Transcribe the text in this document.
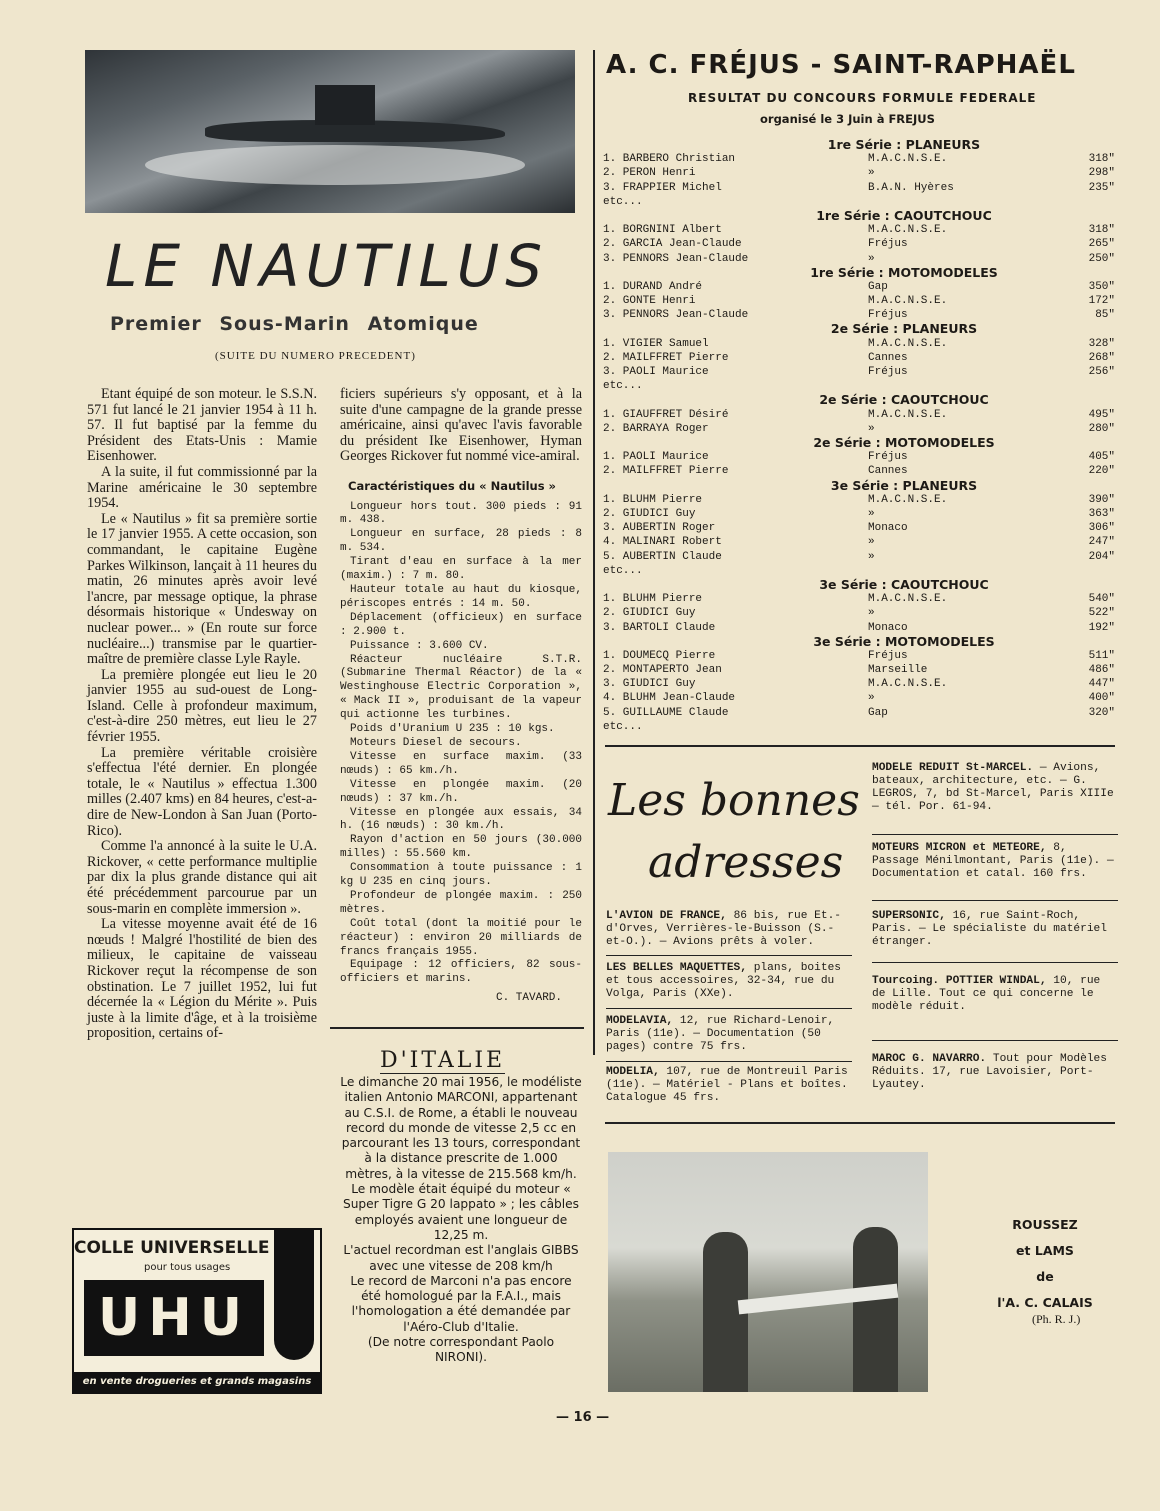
LE NAUTILUS
Premier Sous-Marin Atomique
(SUITE DU NUMERO PRECEDENT)

Etant équipé de son moteur. le S.S.N. 571 fut lancé le 21 janvier 1954 à 11 h. 57. Il fut baptisé par la femme du Président des Etats-Unis : Mamie Eisenhower.

A la suite, il fut commissionné par la Marine américaine le 30 septembre 1954.

Le « Nautilus » fit sa première sortie le 17 janvier 1955. A cette occasion, son commandant, le capitaine Eugène Parkes Wilkinson, lançait à 11 heures du matin, 26 minutes après avoir levé l'ancre, par message optique, la phrase désormais historique « Undesway on nuclear power... » (En route sur force nucléaire...) transmise par le quartier-maître de première classe Lyle Rayle.

La première plongée eut lieu le 20 janvier 1955 au sud-ouest de Long-Island. Celle à profondeur maximum, c'est-à-dire 250 mètres, eut lieu le 27 février 1955.

La première véritable croisière s'effectua l'été dernier. En plongée totale, le « Nautilus » effectua 1.300 milles (2.407 kms) en 84 heures, c'est-a-dire de New-London à San Juan (Porto-Rico).

Comme l'a annoncé à la suite le U.A. Rickover, « cette performance multiplie par dix la plus grande distance qui ait été précédemment parcourue par un sous-marin en complète immersion ».

La vitesse moyenne avait été de 16 nœuds ! Malgré l'hostilité de bien des milieux, le capitaine de vaisseau Rickover reçut la récompense de son obstination. Le 7 juillet 1952, lui fut décernée la « Légion du Mérite ». Puis juste à la limite d'âge, et à la troisième proposition, certains of-

ficiers supérieurs s'y opposant, et à la suite d'une campagne de la grande presse américaine, ainsi qu'avec l'avis favorable du président Ike Eisenhower, Hyman Georges Rickover fut nommé vice-amiral.

Caractéristiques du « Nautilus »
Longueur hors tout. 300 pieds : 91 m. 438.
Longueur en surface, 28 pieds : 8 m. 534.
Tirant d'eau en surface à la mer (maxim.) : 7 m. 80.
Hauteur totale au haut du kiosque, périscopes entrés : 14 m. 50.
Déplacement (officieux) en surface : 2.900 t.
Puissance : 3.600 CV.
Réacteur nucléaire S.T.R. (Submarine Thermal Réactor) de la « Westinghouse Electric Corporation », « Mack II », produisant de la vapeur qui actionne les turbines.
Poids d'Uranium U 235 : 10 kgs.
Moteurs Diesel de secours.
Vitesse en surface maxim. (33 nœuds) : 65 km./h.
Vitesse en plongée maxim. (20 nœuds) : 37 km./h.
Vitesse en plongée aux essais, 34 h. (16 nœuds) : 30 km./h.
Rayon d'action en 50 jours (30.000 milles) : 55.560 km.
Consommation à toute puissance : 1 kg U 235 en cinq jours.
Profondeur de plongée maxim. : 250 mètres.
Coût total (dont la moitié pour le réacteur) : environ 20 milliards de francs français 1955.
Equipage : 12 officiers, 82 sous-officiers et marins.
C. TAVARD.
D'ITALIE
Le dimanche 20 mai 1956, le modéliste italien Antonio MARCONI, appartenant au C.S.I. de Rome, a établi le nouveau record du monde de vitesse 2,5 cc en parcourant les 13 tours, correspondant à la distance prescrite de 1.000 mètres, à la vitesse de 215.568 km/h.
Le modèle était équipé du moteur « Super Tigre G 20 lappato » ; les câbles employés avaient une longueur de 12,25 m.
L'actuel recordman est l'anglais GIBBS avec une vitesse de 208 km/h
Le record de Marconi n'a pas encore été homologué par la F.A.I., mais l'homologation a été demandée par l'Aéro-Club d'Italie.
(De notre correspondant Paolo NIRONI).
COLLE UNIVERSELLE
pour tous usages
UHU
en vente drogueries et grands magasins
A. C. FRÉJUS - SAINT-RAPHAËL
RESULTAT DU CONCOURS FORMULE FEDERALE
organisé le 3 Juin à FREJUS
1re Série : PLANEURS
1. BARBERO Christian	M.A.C.N.S.E.	318"
2. PERON Henri	»	298"
3. FRAPPIER Michel	B.A.N. Hyères	235"
etc...
1re Série : CAOUTCHOUC
1. BORGNINI Albert	M.A.C.N.S.E.	318"
2. GARCIA Jean-Claude	Fréjus	265"
3. PENNORS Jean-Claude	»	250"
1re Série : MOTOMODELES
1. DURAND André	Gap	350"
2. GONTE Henri	M.A.C.N.S.E.	172"
3. PENNORS Jean-Claude	Fréjus	85"
2e Série : PLANEURS
1. VIGIER Samuel	M.A.C.N.S.E.	328"
2. MAILFFRET Pierre	Cannes	268"
3. PAOLI Maurice	Fréjus	256"
etc...
2e Série : CAOUTCHOUC
1. GIAUFFRET Désiré	M.A.C.N.S.E.	495"
2. BARRAYA Roger	»	280"
2e Série : MOTOMODELES
1. PAOLI Maurice	Fréjus	405"
2. MAILFFRET Pierre	Cannes	220"
3e Série : PLANEURS
1. BLUHM Pierre	M.A.C.N.S.E.	390"
2. GIUDICI Guy	»	363"
3. AUBERTIN Roger	Monaco	306"
4. MALINARI Robert	»	247"
5. AUBERTIN Claude	»	204"
etc...
3e Série : CAOUTCHOUC
1. BLUHM Pierre	M.A.C.N.S.E.	540"
2. GIUDICI Guy	»	522"
3. BARTOLI Claude	Monaco	192"
3e Série : MOTOMODELES
1. DOUMECQ Pierre	Fréjus	511"
2. MONTAPERTO Jean	Marseille	486"
3. GIUDICI Guy	M.A.C.N.S.E.	447"
4. BLUHM Jean-Claude	»	400"
5. GUILLAUME Claude	Gap	320"
etc...
Les bonnes
adresses
L'AVION DE FRANCE, 86 bis, rue Et.-d'Orves, Verrières-le-Buisson (S.-et-O.). — Avions prêts à voler.
LES BELLES MAQUETTES, plans, boites et tous accessoires, 32-34, rue du Volga, Paris (XXe).
MODELAVIA, 12, rue Richard-Lenoir, Paris (11e). — Documentation (50 pages) contre 75 frs.
MODELIA, 107, rue de Montreuil Paris (11e). — Matériel - Plans et boîtes. Catalogue 45 frs.
MODELE REDUIT St-MARCEL. — Avions, bateaux, architecture, etc. — G. LEGROS, 7, bd St-Marcel, Paris XIIIe — tél. Por. 61-94.
MOTEURS MICRON et METEORE, 8, Passage Ménilmontant, Paris (11e). — Documentation et catal. 160 frs.
SUPERSONIC, 16, rue Saint-Roch, Paris. — Le spécialiste du matériel étranger.
Tourcoing. POTTIER WINDAL, 10, rue de Lille. Tout ce qui concerne le modèle réduit.
MAROC G. NAVARRO. Tout pour Modèles Réduits. 17, rue Lavoisier, Port-Lyautey.
ROUSSEZ
et LAMS
de
l'A. C. CALAIS
(Ph. R. J.)
— 16 —
